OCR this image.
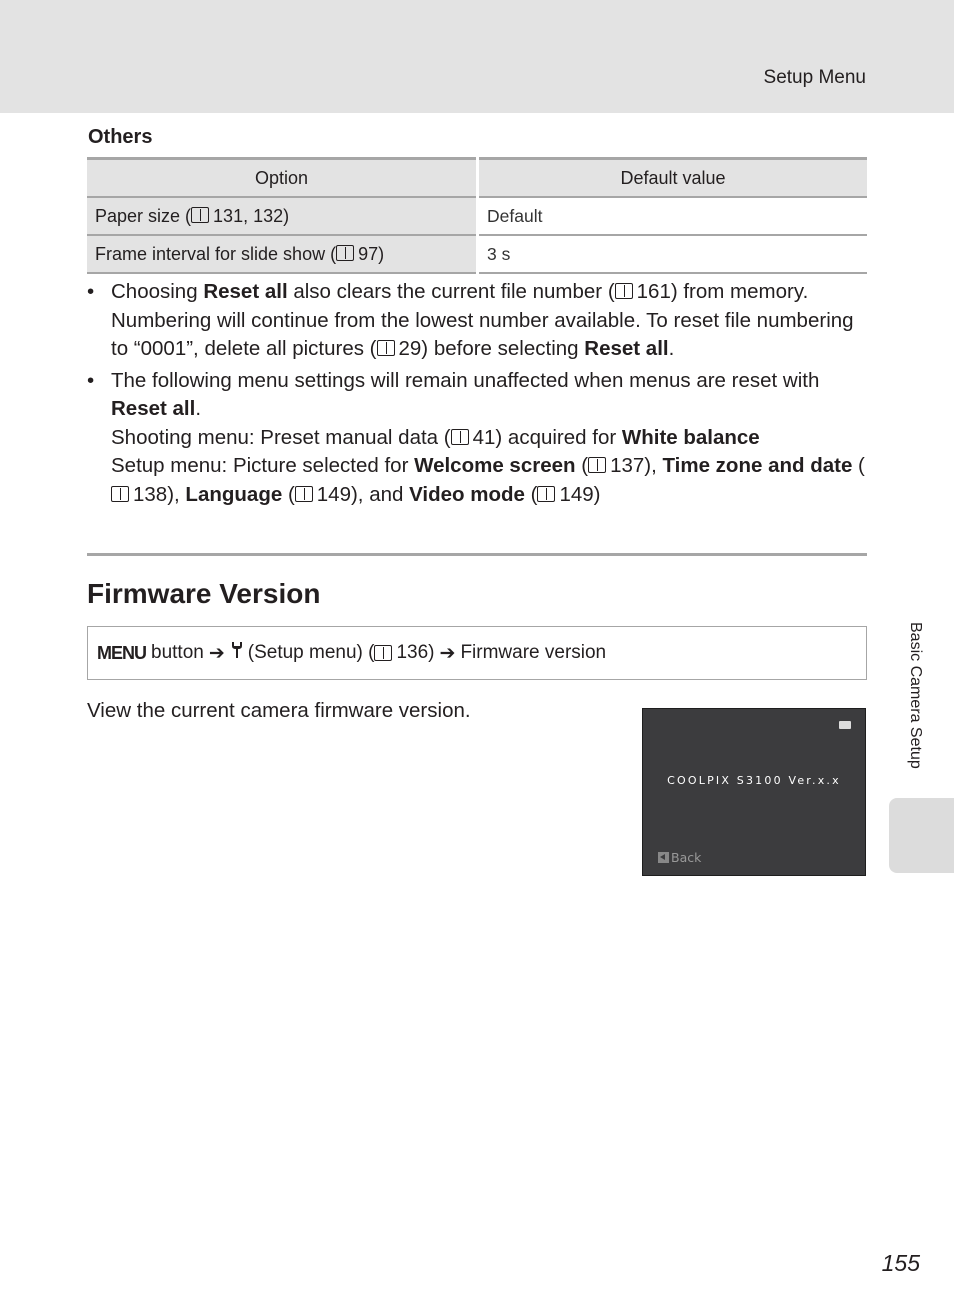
Setup Menu
Others
Option	Default value
Paper size ( 131, 132)	Default
Frame interval for slide show ( 97)	3 s
• Choosing Reset all also clears the current file number ( 161) from memory. Numbering will continue from the lowest number available. To reset file numbering to “0001”, delete all pictures ( 29) before selecting Reset all.

• The following menu settings will remain unaffected when menus are reset with Reset all.

Shooting menu: Preset manual data ( 41) acquired for White balance

Setup menu: Picture selected for Welcome screen ( 137), Time zone and date (138), Language ( 149), and Video mode ( 149)

Firmware Version
MENU button ➔ (Setup menu) ( 136) ➔ Firmware version
View the current camera firmware version.
COOLPIX S3100 Ver.x.x
Back
Basic Camera Setup
155
